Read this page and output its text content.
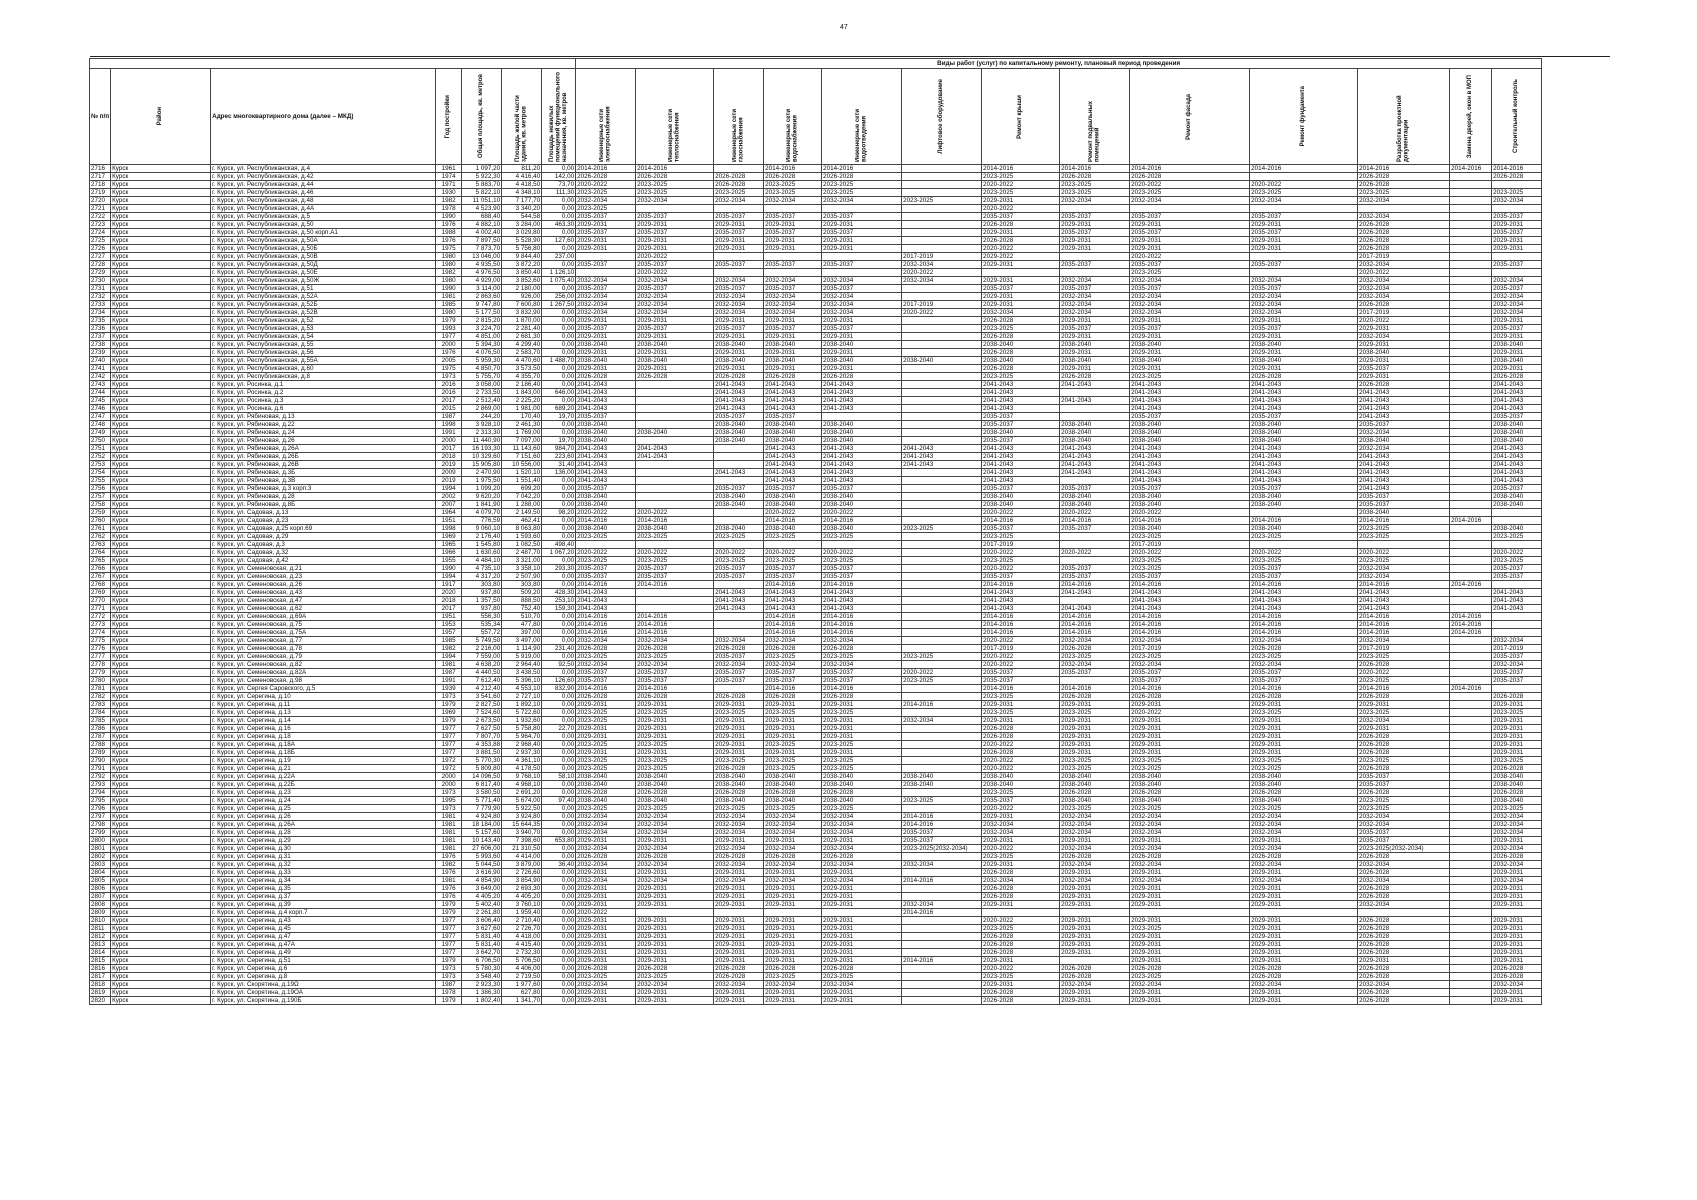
47
							Виды работ (услуг) по капитальному ремонту, плановый период проведения												
№ п/п	Район	Адрес многоквартирного дома (далее – МКД)	Год постройки	Общая площадь, кв. метров	Площадь жилой части здания, кв. метров	Площадь нежилых помещений функционального назначения, кв. метров	Инженерные сети электроснабжения	Инженерные сети теплоснабжения	Инженерные сети газоснабжения	Инженерные сети водоснабжения	Инженерные сети водоотведения	Лифтовое оборудование	Ремонт крыши	Ремонт подвальных помещений	Ремонт фасада	Ремонт фундамента	Разработка проектной документации	Замена дверей, окон в МОП	Строительный контроль

2716	Курск	г. Курск, ул. Республиканская, д.4	1961	1 097,20	811,20	0,00	2014-2016	2014-2016		2014-2016	2014-2016		2014-2016	2014-2016	2014-2016	2014-2016	2014-2016	2014-2016	2014-2016
2717	Курск	г. Курск, ул. Республиканская, д.42	1974	5 922,30	4 416,40	142,00	2026-2028	2026-2028	2026-2028	2026-2028	2026-2028		2023-2025	2026-2028	2026-2028		2026-2028		2026-2028
2718	Курск	г. Курск, ул. Республиканская, д.44	1971	5 883,70	4 418,50	73,70	2020-2022	2023-2025	2026-2028	2023-2025	2023-2025		2020-2022	2023-2025	2020-2022	2020-2022	2026-2028		
2719	Курск	г. Курск, ул. Республиканская, д.46	1930	5 822,10	4 348,10	111,30	2023-2025	2023-2025	2023-2025	2023-2025	2023-2025		2023-2025	2023-2025	2023-2025	2023-2025	2023-2025		2023-2025
2720	Курск	г. Курск, ул. Республиканская, д.48	1982	11 051,10	7 177,70	0,00	2032-2034	2032-2034	2032-2034	2032-2034	2032-2034	2023-2025	2029-2031	2032-2034	2032-2034	2032-2034	2032-2034		2032-2034
2721	Курск	г. Курск, ул. Республиканская, д.4А	1978	4 523,90	3 340,20	0,00	2023-2025						2020-2022						
2722	Курск	г. Курск, ул. Республиканская, д.5	1990	688,40	544,58	0,00	2035-2037	2035-2037	2035-2037	2035-2037	2035-2037		2035-2037	2035-2037	2035-2037	2035-2037	2032-2034		2035-2037
2723	Курск	г. Курск, ул. Республиканская, д.50	1976	4 882,10	3 284,00	463,30	2029-2031	2029-2031	2029-2031	2029-2031	2029-2031		2026-2028	2029-2031	2029-2031	2029-2031	2026-2028		2029-2031
2724	Курск	г. Курск, ул. Республиканская, д.50 корп.А1	1988	4 002,40	3 029,80	0,00	2035-2037	2035-2037	2035-2037	2035-2037	2035-2037		2029-2031	2035-2037	2035-2037	2035-2037	2026-2028		2035-2037
2725	Курск	г. Курск, ул. Республиканская, д.50А	1976	7 897,50	5 528,90	127,60	2029-2031	2029-2031	2029-2031	2029-2031	2029-2031		2026-2028	2029-2031	2029-2031	2029-2031	2026-2028		2029-2031
2726	Курск	г. Курск, ул. Республиканская, д.50Б	1975	7 873,70	5 756,80	0,00	2029-2031	2029-2031	2029-2031	2029-2031	2029-2031		2020-2022	2029-2031	2029-2031	2029-2031	2026-2028		2029-2031
2727	Курск	г. Курск, ул. Республиканская, д.50В	1980	13 046,00	9 844,40	237,00		2020-2022				2017-2019	2029-2022		2020-2022		2017-2019		
2728	Курск	г. Курск, ул. Республиканская, д.50Д	1980	4 935,50	3 872,20	0,00	2035-2037	2035-2037	2035-2037	2035-2037	2035-2037	2032-2034	2029-2031	2035-2037	2035-2037	2035-2037	2032-2034		2035-2037
2729	Курск	г. Курск, ул. Республиканская, д.50Е	1982	4 976,50	3 850,40	1 126,10		2020-2022				2020-2022			2023-2025		2020-2022		
2730	Курск	г. Курск, ул. Республиканская, д.50Ж	1980	4 929,00	3 852,60	1 075,40	2032-2034	2032-2034	2032-2034	2032-2034	2032-2034	2032-2034	2029-2031	2032-2034	2032-2034	2032-2034	2032-2034		2032-2034
2731	Курск	г. Курск, ул. Республиканская, д.51	1990	3 114,00	2 180,00	0,00	2035-2037	2035-2037	2035-2037	2035-2037	2035-2037		2035-2037	2035-2037	2035-2037	2035-2037	2032-2034		2035-2037
2732	Курск	г. Курск, ул. Республиканская, д.52А	1981	2 863,60	926,00	256,00	2032-2034	2032-2034	2032-2034	2032-2034	2032-2034		2029-2031	2032-2034	2032-2034	2032-2034	2032-2034		2032-2034
2733	Курск	г. Курск, ул. Республиканская, д.52Б	1985	9 747,80	7 600,80	1 267,50	2032-2034	2032-2034	2032-2034	2032-2034	2032-2034	2017-2019	2029-2031	2032-2034	2032-2034	2032-2034	2026-2028		2032-2034
2734	Курск	г. Курск, ул. Республиканская, д.52В	1980	5 177,50	3 832,90	0,00	2032-2034	2032-2034	2032-2034	2032-2034	2032-2034	2020-2022	2032-2034	2032-2034	2032-2034	2032-2034	2017-2019		2032-2034
2735	Курск	г. Курск, ул. Республиканская, д.52	1979	2 815,20	1 870,00	0,00	2029-2031	2029-2031	2029-2031	2029-2031	2029-2031		2026-2028	2029-2031	2029-2031	2029-2031	2020-2022		2029-2031
2736	Курск	г. Курск, ул. Республиканская, д.53	1993	3 224,70	2 281,40	0,00	2035-2037	2035-2037	2035-2037	2035-2037	2035-2037		2023-2025	2035-2037	2035-2037	2035-2037	2029-2031		2035-2037
2737	Курск	г. Курск, ул. Республиканская, д.54	1977	4 851,00	2 681,30	0,00	2029-2031	2029-2031	2029-2031	2029-2031	2029-2031		2026-2028	2029-2031	2029-2031	2029-2031	2032-2034		2029-2031
2738	Курск	г. Курск, ул. Республиканская, д.55	2000	5 394,30	4 299,40	0,00	2038-2040	2038-2040	2038-2040	2038-2040	2038-2040		2038-2040	2038-2040	2038-2040	2038-2040	2029-2031		2038-2040
2739	Курск	г. Курск, ул. Республиканская, д.56	1976	4 076,50	2 583,70	0,00	2029-2031	2029-2031	2029-2031	2029-2031	2029-2031		2026-2028	2029-2031	2029-2031	2029-2031	2038-2040		2029-2031
2740	Курск	г. Курск, ул. Республиканская, д.55А	2005	5 959,30	4 470,60	1 488,70	2038-2040	2038-2040	2038-2040	2038-2040	2038-2040	2038-2040	2038-2040	2038-2040	2038-2040	2038-2040	2029-2031		2038-2040
2741	Курск	г. Курск, ул. Республиканская, д.60	1975	4 850,70	3 573,50	0,00	2029-2031	2029-2031	2029-2031	2029-2031	2029-2031		2026-2028	2029-2031	2029-2031	2029-2031	2035-2037		2029-2031
2742	Курск	г. Курск, ул. Республиканская, д.8	1973	5 755,70	4 355,70	0,00	2026-2028	2026-2028	2026-2028	2026-2028	2026-2028		2023-2025	2026-2028	2023-2025	2026-2028	2029-2031		2026-2028
2743	Курск	г. Курск, ул. Росинка, д.1	2016	3 058,00	2 186,40	0,00	2041-2043		2041-2043	2041-2043	2041-2043		2041-2043	2041-2043	2041-2043	2041-2043	2026-2028		2041-2043
2744	Курск	г. Курск, ул. Росинка, д.2	2016	2 733,50	1 843,00	646,00	2041-2043		2041-2043	2041-2043	2041-2043		2041-2043		2041-2043	2041-2043	2041-2043		2041-2043
2745	Курск	г. Курск, ул. Росинка, д.3	2017	2 512,40	2 225,20	0,00	2041-2043		2041-2043	2041-2043	2041-2043		2041-2043	2041-2043	2041-2043	2041-2043	2041-2043		2041-2043
2746	Курск	г. Курск, ул. Росинка, д.6	2015	2 869,00	1 981,00	689,20	2041-2043		2041-2043	2041-2043	2041-2043		2041-2043		2041-2043	2041-2043	2041-2043		2041-2043
2747	Курск	г. Курск, ул. Рябиновая, д.13	1987	244,20	170,40	19,70	2035-2037		2035-2037	2035-2037			2035-2037		2035-2037	2035-2037	2041-2043		2035-2037
2748	Курск	г. Курск, ул. Рябиновая, д.22	1998	3 928,10	2 461,30	0,00	2038-2040		2038-2040	2038-2040	2038-2040		2035-2037	2038-2040	2038-2040	2038-2040	2035-2037		2038-2040
2749	Курск	г. Курск, ул. Рябиновая, д.24	1991	2 313,30	1 769,00	0,00	2038-2040	2038-2040	2038-2040	2038-2040	2038-2040		2038-2040	2038-2040	2038-2040	2038-2040	2032-2034		2038-2040
2750	Курск	г. Курск, ул. Рябиновая, д.26	2000	11 440,90	7 097,00	19,70	2038-2040		2038-2040	2038-2040	2038-2040		2035-2037	2038-2040	2038-2040	2038-2040	2038-2040		2038-2040
2751	Курск	г. Курск, ул. Рябиновая, д.26А	2017	16 193,30	11 143,60	984,70	2041-2043	2041-2043		2041-2043	2041-2043	2041-2043	2041-2043	2041-2043	2041-2043	2041-2043	2032-2034		2041-2043
2752	Курск	г. Курск, ул. Рябиновая, д.26Б	2018	10 329,60	7 151,60	223,60	2041-2043	2041-2043		2041-2043	2041-2043	2041-2043	2041-2043	2041-2043	2041-2043	2041-2043	2041-2043		2041-2043
2753	Курск	г. Курск, ул. Рябиновая, д.26В	2019	15 905,80	10 556,00	31,40	2041-2043			2041-2043	2041-2043	2041-2043	2041-2043	2041-2043	2041-2043	2041-2043	2041-2043		2041-2043
2754	Курск	г. Курск, ул. Рябиновая, д.3Б	2009	2 470,90	1 520,10	136,00	2041-2043		2041-2043	2041-2043	2041-2043		2041-2043	2041-2043	2041-2043	2041-2043	2041-2043		2041-2043
2755	Курск	г. Курск, ул. Рябиновая, д.3В	2019	1 975,50	1 551,40	0,00	2041-2043			2041-2043	2041-2043		2041-2043		2041-2043	2041-2043	2041-2043		2041-2043
2756	Курск	г. Курск, ул. Рябиновая, д.3 корп.3	1994	1 099,20	699,20	0,00	2035-2037		2035-2037	2035-2037	2035-2037		2035-2037	2035-2037	2035-2037	2035-2037	2041-2043		2035-2037
2757	Курск	г. Курск, ул. Рябиновая, д.28	2002	9 620,20	7 042,20	0,00	2038-2040		2038-2040	2038-2040	2038-2040		2038-2040	2038-2040	2038-2040	2038-2040	2035-2037		2038-2040
2758	Курск	г. Курск, ул. Рябиновая, д.8Б	2007	1 841,90	1 288,00	0,00	2038-2040		2038-2040	2038-2040	2038-2040		2038-2040	2038-2040	2038-2040	2038-2040	2035-2037		2038-2040
2759	Курск	г. Курск, ул. Садовая, д.13	1964	4 079,70	2 149,50	98,20	2020-2022	2020-2022		2020-2022	2020-2022		2020-2022	2020-2022	2020-2022		2038-2040		
2760	Курск	г. Курск, ул. Садовая, д.23	1951	776,59	462,41	0,00	2014-2016	2014-2016		2014-2016	2014-2016		2014-2016	2014-2016	2014-2016	2014-2016	2014-2016	2014-2016	
2761	Курск	г. Курск, ул. Садовая, д.25 корп.69	1998	9 060,10	8 063,80	0,00	2038-2040	2038-2040	2038-2040	2038-2040	2038-2040	2023-2025	2035-2037	2035-2037	2038-2040	2038-2040	2023-2025		2038-2040
2762	Курск	г. Курск, ул. Садовая, д.29	1969	2 176,40	1 593,60	0,00	2023-2025	2023-2025	2023-2025	2023-2025	2023-2025		2023-2025		2023-2025	2023-2025	2023-2025		2023-2025
2763	Курск	г. Курск, ул. Садовая, д.3	1965	1 545,80	1 082,50	498,40							2017-2019		2017-2019				
2764	Курск	г. Курск, ул. Садовая, д.32	1966	1 630,60	2 487,70	1 067,20	2020-2022	2020-2022	2020-2022	2020-2022	2020-2022		2020-2022	2020-2022	2020-2022	2020-2022	2020-2022		2020-2022
2765	Курск	г. Курск, ул. Садовая, д.42	1955	4 484,10	3 321,00	0,00	2023-2025	2023-2025	2023-2025	2023-2025	2023-2025		2023-2025		2023-2025	2023-2025	2023-2025		2023-2025
2766	Курск	г. Курск, ул. Семеновская, д.21	1990	4 735,10	3 358,10	293,30	2035-2037	2035-2037	2035-2037	2035-2037	2035-2037		2020-2022	2035-2037	2023-2025	2035-2037	2032-2034		2035-2037
2767	Курск	г. Курск, ул. Семеновская, д.23	1994	4 317,20	2 507,90	0,00	2035-2037	2035-2037	2035-2037	2035-2037	2035-2037		2035-2037	2035-2037	2035-2037	2035-2037	2032-2034		2035-2037
2768	Курск	г. Курск, ул. Семеновская, д.26	1917	303,80	303,80	0,00	2014-2016	2014-2016		2014-2016	2014-2016		2014-2016	2014-2016	2014-2016	2014-2016	2014-2016	2014-2016	
2769	Курск	г. Курск, ул. Семеновская, д.43	2020	937,80	509,20	428,30	2041-2043		2041-2043	2041-2043	2041-2043		2041-2043	2041-2043	2041-2043	2041-2043	2041-2043		2041-2043
2770	Курск	г. Курск, ул. Семеновская, д.47	2018	1 357,50	888,50	253,10	2041-2043		2041-2043	2041-2043	2041-2043		2041-2043		2041-2043	2041-2043	2041-2043		2041-2043
2771	Курск	г. Курск, ул. Семеновская, д.62	2017	937,80	752,40	159,30	2041-2043		2041-2043	2041-2043	2041-2043		2041-2043	2041-2043	2041-2043	2041-2043	2041-2043		2041-2043
2772	Курск	г. Курск, ул. Семеновская, д.69А	1951	556,30	510,70	0,00	2014-2016	2014-2016		2014-2016	2014-2016		2014-2016	2014-2016	2014-2016	2014-2016	2014-2016	2014-2016	
2773	Курск	г. Курск, ул. Семеновская, д.75	1953	535,34	477,80	0,00	2014-2016	2014-2016		2014-2016	2014-2016		2014-2016	2014-2016	2014-2016	2014-2016	2014-2016	2014-2016	
2774	Курск	г. Курск, ул. Семеновская, д.75А	1957	557,72	397,00	0,00	2014-2016	2014-2016		2014-2016	2014-2016		2014-2016	2014-2016	2014-2016	2014-2016	2014-2016	2014-2016	
2775	Курск	г. Курск, ул. Семеновская, д.77	1985	5 749,50	3 497,00	0,00	2032-2034	2032-2034	2032-2034	2032-2034	2032-2034		2020-2022	2032-2034	2032-2034	2032-2034	2032-2034		2032-2034
2776	Курск	г. Курск, ул. Семеновская, д.78	1982	2 216,00	1 114,90	231,40	2026-2028	2026-2028	2026-2028	2026-2028	2026-2028		2017-2019	2026-2028	2017-2019	2026-2028	2017-2019		2017-2019
2777	Курск	г. Курск, ул. Семеновская, д.79	1994	7 559,00	5 919,00	0,00	2023-2025	2023-2025	2035-2037	2023-2025	2023-2025	2023-2025	2020-2022	2023-2025	2023-2025	2023-2025	2023-2025		2035-2037
2778	Курск	г. Курск, ул. Семеновская, д.82	1981	4 638,20	2 964,40	92,50	2032-2034	2032-2034	2032-2034	2032-2034	2032-2034		2020-2022	2032-2034	2032-2034	2032-2034	2026-2028		2032-2034
2779	Курск	г. Курск, ул. Семеновская, д.82А	1987	4 440,50	3 438,50	0,00	2035-2037	2035-2037	2035-2037	2035-2037	2035-2037	2020-2022	2035-2037	2035-2037	2035-2037	2035-2037	2020-2022		2035-2037
2780	Курск	г. Курск, ул. Семеновская, д.98	1991	7 612,40	5 396,10	126,60	2035-2037	2035-2037	2035-2037	2035-2037	2035-2037	2023-2025	2035-2037		2035-2037	2035-2037	2023-2025		2035-2037
2781	Курск	г. Курск, ул. Сергея Саровского, д.5	1939	4 212,40	4 553,10	832,90	2014-2016	2014-2016		2014-2016	2014-2016		2014-2016	2014-2016	2014-2016	2014-2016	2014-2016	2014-2016	
2782	Курск	г. Курск, ул. Серегина, д.10	1973	3 541,60	2 727,10	0,00	2026-2028	2026-2028	2026-2028	2026-2028	2026-2028		2023-2025	2026-2028	2026-2028	2026-2028	2026-2028		2026-2028
2783	Курск	г. Курск, ул. Серегина, д.11	1979	2 827,50	1 892,10	0,00	2029-2031	2029-2031	2029-2031	2029-2031	2029-2031	2014-2016	2029-2031	2029-2031	2029-2031	2029-2031	2029-2031		2029-2031
2784	Курск	г. Курск, ул. Серегина, д.13	1969	7 524,60	5 722,60	0,00	2023-2025	2023-2025	2023-2025	2023-2025	2023-2025		2023-2025	2023-2025	2020-2022	2023-2025	2023-2025		2023-2025
2785	Курск	г. Курск, ул. Серегина, д.14	1979	2 673,50	1 932,60	0,00	2023-2025	2029-2031	2029-2031	2029-2031	2029-2031	2032-2034	2029-2031	2029-2031	2029-2031	2029-2031	2032-2034		2029-2031
2786	Курск	г. Курск, ул. Серегина, д.16	1977	7 627,50	5 758,80	22,70	2029-2031	2029-2031	2029-2031	2029-2031	2029-2031		2026-2028	2029-2031	2029-2031	2029-2031	2029-2031		2029-2031
2787	Курск	г. Курск, ул. Серегина, д.18	1977	7 807,70	5 964,70	0,00	2029-2031	2029-2031	2029-2031	2029-2031	2029-2031		2026-2028	2029-2031	2029-2031	2029-2031	2026-2028		2029-2031
2788	Курск	г. Курск, ул. Серегина, д.18А	1977	4 353,88	2 968,40	0,00	2023-2025	2023-2025	2029-2031	2023-2025	2023-2025		2020-2022	2029-2031	2029-2031	2029-2031	2026-2028		2029-2031
2789	Курск	г. Курск, ул. Серегина, д.18Б	1977	3 881,50	2 937,30	0,00	2029-2031	2029-2031	2029-2031	2029-2031	2029-2031		2026-2028	2029-2031	2029-2031	2029-2031	2026-2028		2029-2031
2790	Курск	г. Курск, ул. Серегина, д.19	1972	5 770,30	4 361,10	0,00	2023-2025	2023-2025	2023-2025	2023-2025	2023-2025		2020-2022	2023-2025	2023-2025	2023-2025	2023-2025		2023-2025
2791	Курск	г. Курск, ул. Серегина, д.21	1972	5 809,80	4 178,50	0,00	2023-2025	2023-2025	2026-2028	2023-2025	2023-2025		2020-2022	2023-2025	2023-2025	2023-2025	2026-2028		2026-2028
2792	Курск	г. Курск, ул. Серегина, д.22А	2000	14 096,50	9 768,10	58,10	2038-2040	2038-2040	2038-2040	2038-2040	2038-2040	2038-2040	2038-2040	2038-2040	2038-2040	2038-2040	2035-2037		2038-2040
2793	Курск	г. Курск, ул. Серегина, д.22Б	2000	6 817,40	4 968,10	0,00	2038-2040	2038-2040	2038-2040	2038-2040	2038-2040	2038-2040	2038-2040	2038-2040	2038-2040	2038-2040	2035-2037		2038-2040
2794	Курск	г. Курск, ул. Серегина, д.23	1973	3 580,50	2 691,20	0,00	2026-2028	2026-2028	2026-2028	2026-2028	2026-2028		2023-2025	2026-2028	2026-2028	2026-2028	2026-2028		2026-2028
2795	Курск	г. Курск, ул. Серегина, д.24	1995	5 771,40	5 674,00	97,40	2038-2040	2038-2040	2038-2040	2038-2040	2038-2040	2023-2025	2035-2037	2038-2040	2038-2040	2038-2040	2023-2025		2038-2040
2796	Курск	г. Курск, ул. Серегина, д.25	1973	7 779,90	5 922,50	0,00	2023-2025	2023-2025	2023-2025	2023-2025	2023-2025		2020-2022	2023-2025	2023-2025	2023-2025	2023-2025		2023-2025
2797	Курск	г. Курск, ул. Серегина, д.26	1981	4 924,80	3 924,80	0,00	2032-2034	2032-2034	2032-2034	2032-2034	2032-2034	2014-2016	2029-2031	2032-2034	2032-2034	2032-2034	2032-2034		2032-2034
2798	Курск	г. Курск, ул. Серегина, д.26А	1981	18 184,00	15 644,35	0,00	2032-2034	2032-2034	2032-2034	2032-2034	2032-2034	2014-2016	2032-2034	2032-2034	2032-2034	2032-2034	2032-2034		2032-2034
2799	Курск	г. Курск, ул. Серегина, д.28	1981	5 157,60	3 940,70	0,00	2032-2034	2032-2034	2032-2034	2032-2034	2032-2034	2035-2037	2032-2034	2032-2034	2032-2034	2032-2034	2035-2037		2032-2034
2800	Курск	г. Курск, ул. Серегина, д.29	1981	10 143,40	7 398,60	653,80	2029-2031	2029-2031	2029-2031	2029-2031	2029-2031	2035-2037	2029-2031	2029-2031	2029-2031	2029-2031	2035-2037		2029-2031
2801	Курск	г. Курск, ул. Серегина, д.30	1981	27 606,00	21 310,50	0,00	2032-2034	2032-2034	2032-2034	2032-2034	2032-2034	2023-2025(2032-2034)	2020-2022	2032-2034	2032-2034	2032-2034	2023-2025(2032-2034)		2032-2034
2802	Курск	г. Курск, ул. Серегина, д.31	1976	5 993,60	4 414,00	0,00	2026-2028	2026-2028	2026-2028	2026-2028	2026-2028		2023-2025	2026-2028	2026-2028	2026-2028	2026-2028		2026-2028
2803	Курск	г. Курск, ул. Серегина, д.32	1982	5 044,50	3 879,00	36,40	2032-2034	2032-2034	2032-2034	2032-2034	2032-2034	2032-2034	2029-2031	2032-2034	2032-2034	2032-2034	2032-2034		2032-2034
2804	Курск	г. Курск, ул. Серегина, д.33	1976	3 616,90	2 726,60	0,00	2029-2031	2029-2031	2029-2031	2029-2031	2029-2031		2026-2028	2029-2031	2029-2031	2029-2031	2026-2028		2029-2031
2805	Курск	г. Курск, ул. Серегина, д.34	1981	4 854,90	3 854,90	0,00	2032-2034	2032-2034	2032-2034	2032-2034	2032-2034	2014-2016	2032-2034	2032-2034	2032-2034	2032-2034	2032-2034		2032-2034
2806	Курск	г. Курск, ул. Серегина, д.35	1976	3 649,00	2 693,30	0,00	2029-2031	2029-2031	2029-2031	2029-2031	2029-2031		2026-2028	2029-2031	2029-2031	2029-2031	2026-2028		2029-2031
2807	Курск	г. Курск, ул. Серегина, д.37	1976	4 405,20	4 405,20	0,00	2029-2031	2029-2031	2029-2031	2029-2031	2029-2031		2026-2028	2029-2031	2029-2031	2029-2031	2026-2028		2029-2031
2808	Курск	г. Курск, ул. Серегина, д.39	1979	5 402,40	3 760,10	0,00	2029-2031	2029-2031	2029-2031	2029-2031	2029-2031	2032-2034	2029-2031	2029-2031	2029-2031	2029-2031	2032-2034		2029-2031
2809	Курск	г. Курск, ул. Серегина, д.4 корп.7	1979	2 261,80	1 959,40	0,00	2020-2022					2014-2016							
2810	Курск	г. Курск, ул. Серегина, д.43	1977	3 606,40	2 710,40	0,00	2029-2031	2029-2031	2029-2031	2029-2031	2029-2031		2020-2022	2029-2031	2029-2031	2029-2031	2026-2028		2029-2031
2811	Курск	г. Курск, ул. Серегина, д.45	1977	3 627,60	2 726,70	0,00	2029-2031	2029-2031	2029-2031	2029-2031	2029-2031		2023-2025	2029-2031	2023-2025	2029-2031	2026-2028		2029-2031
2812	Курск	г. Курск, ул. Серегина, д.47	1977	5 831,40	4 418,00	0,00	2029-2031	2029-2031	2029-2031	2029-2031	2029-2031		2026-2028	2029-2031	2029-2031	2029-2031	2026-2028		2029-2031
2813	Курск	г. Курск, ул. Серегина, д.47А	1977	5 831,40	4 415,40	0,00	2029-2031	2029-2031	2029-2031	2029-2031	2029-2031		2026-2028	2029-2031	2029-2031	2029-2031	2026-2028		2029-2031
2814	Курск	г. Курск, ул. Серегина, д.49	1977	3 642,70	2 732,30	0,00	2029-2031	2029-2031	2029-2031	2029-2031	2029-2031		2026-2028	2029-2031	2029-2031	2029-2031	2026-2028		2029-2031
2815	Курск	г. Курск, ул. Серегина, д.51	1979	6 706,50	5 706,50	0,00	2029-2031	2029-2031	2029-2031	2029-2031	2029-2031	2014-2016	2029-2031		2029-2031	2029-2031	2029-2031		2029-2031
2816	Курск	г. Курск, ул. Серегина, д.6	1973	5 780,30	4 406,00	0,00	2026-2028	2026-2028	2026-2028	2026-2028	2026-2028		2020-2022	2026-2028	2026-2028	2026-2028	2026-2028		2026-2028
2817	Курск	г. Курск, ул. Серегина, д.8	1973	3 548,40	2 719,50	0,00	2023-2025	2023-2025	2026-2028	2023-2025	2023-2025		2023-2025	2026-2028	2023-2025	2026-2028	2026-2028		2026-2028
2818	Курск	г. Курск, ул. Скорятина, д.19Ω	1987	2 923,30	1 977,60	0,00	2032-2034	2032-2034	2032-2034	2032-2034	2032-2034		2029-2031	2032-2034	2032-2034	2032-2034	2032-2034		2032-2034
2819	Курск	г. Курск, ул. Скорятина, д.19ОА	1978	1 386,30	627,80	0,00	2029-2031	2029-2031	2029-2031	2029-2031	2029-2031		2026-2028	2029-2031	2029-2031	2029-2031	2026-2028		2029-2031
2820	Курск	г. Курск, ул. Скорятина, д.190Б	1979	1 802,40	1 341,70	0,00	2029-2031	2029-2031	2029-2031	2029-2031	2029-2031		2026-2028	2029-2031	2029-2031	2029-2031	2026-2028		2029-2031
